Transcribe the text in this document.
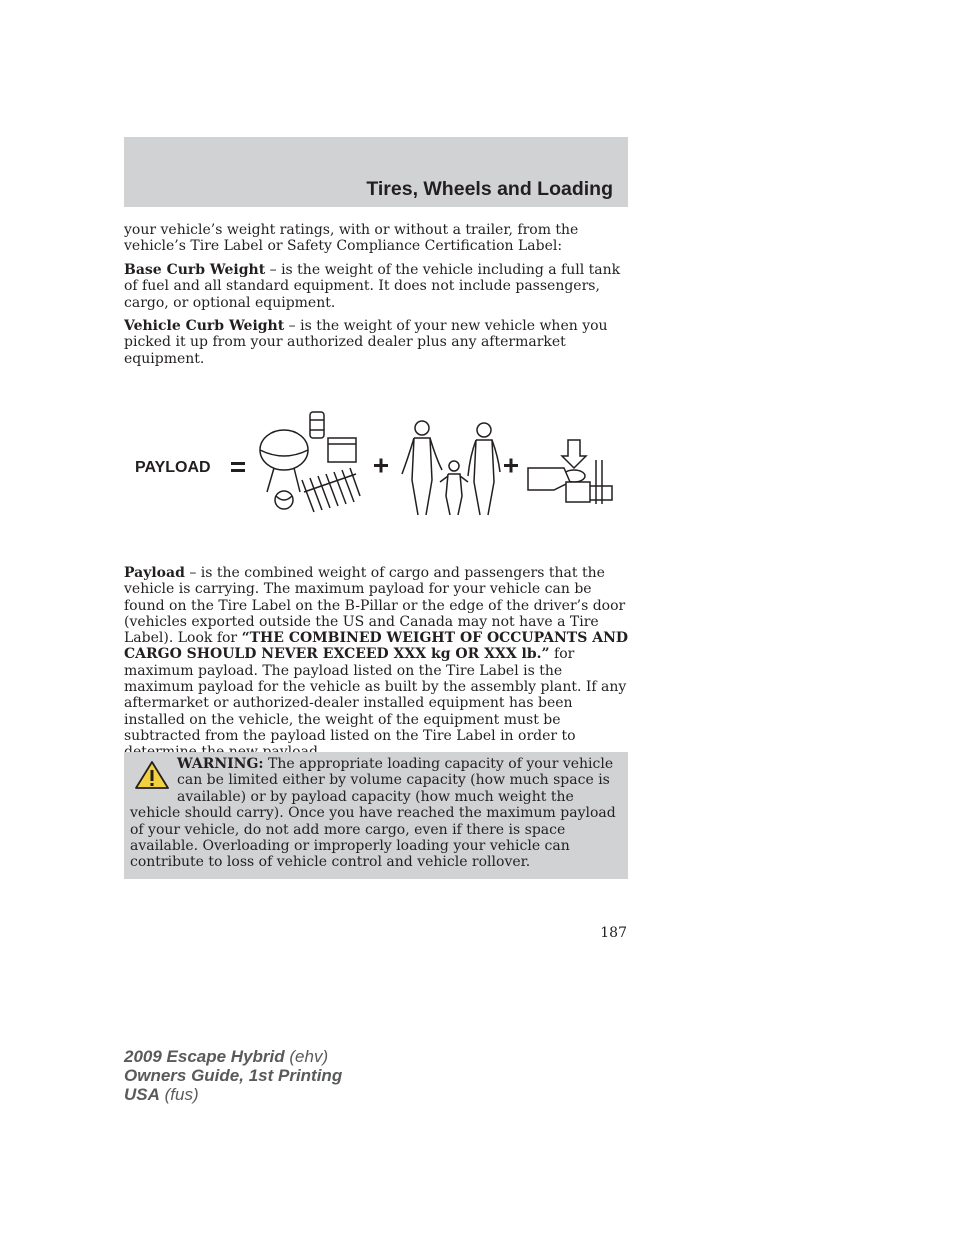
Tires, Wheels and Loading

your vehicle’s weight ratings, with or without a trailer, from the vehicle’s Tire Label or Safety Compliance Certification Label:

Base Curb Weight – is the weight of the vehicle including a full tank of fuel and all standard equipment. It does not include passengers, cargo, or optional equipment.

Vehicle Curb Weight – is the weight of your new vehicle when you picked it up from your authorized dealer plus any aftermarket equipment.

PAYLOAD

Payload – is the combined weight of cargo and passengers that the vehicle is carrying. The maximum payload for your vehicle can be found on the Tire Label on the B-Pillar or the edge of the driver’s door (vehicles exported outside the US and Canada may not have a Tire Label). Look for “THE COMBINED WEIGHT OF OCCUPANTS AND CARGO SHOULD NEVER EXCEED XXX kg OR XXX lb.” for maximum payload. The payload listed on the Tire Label is the maximum payload for the vehicle as built by the assembly plant. If any aftermarket or authorized-dealer installed equipment has been installed on the vehicle, the weight of the equipment must be subtracted from the payload listed on the Tire Label in order to

WARNING: The appropriate loading capacity of your vehicle can be limited either by volume capacity (how much space is available) or by payload capacity (how much weight the vehicle should carry). Once you have reached the maximum payload of your vehicle, do not add more cargo, even if there is space available. Overloading or improperly loading your vehicle can contribute to loss of vehicle control and vehicle rollover.

187

2009 Escape Hybrid (ehv)
Owners Guide, 1st Printing
USA (fus)
